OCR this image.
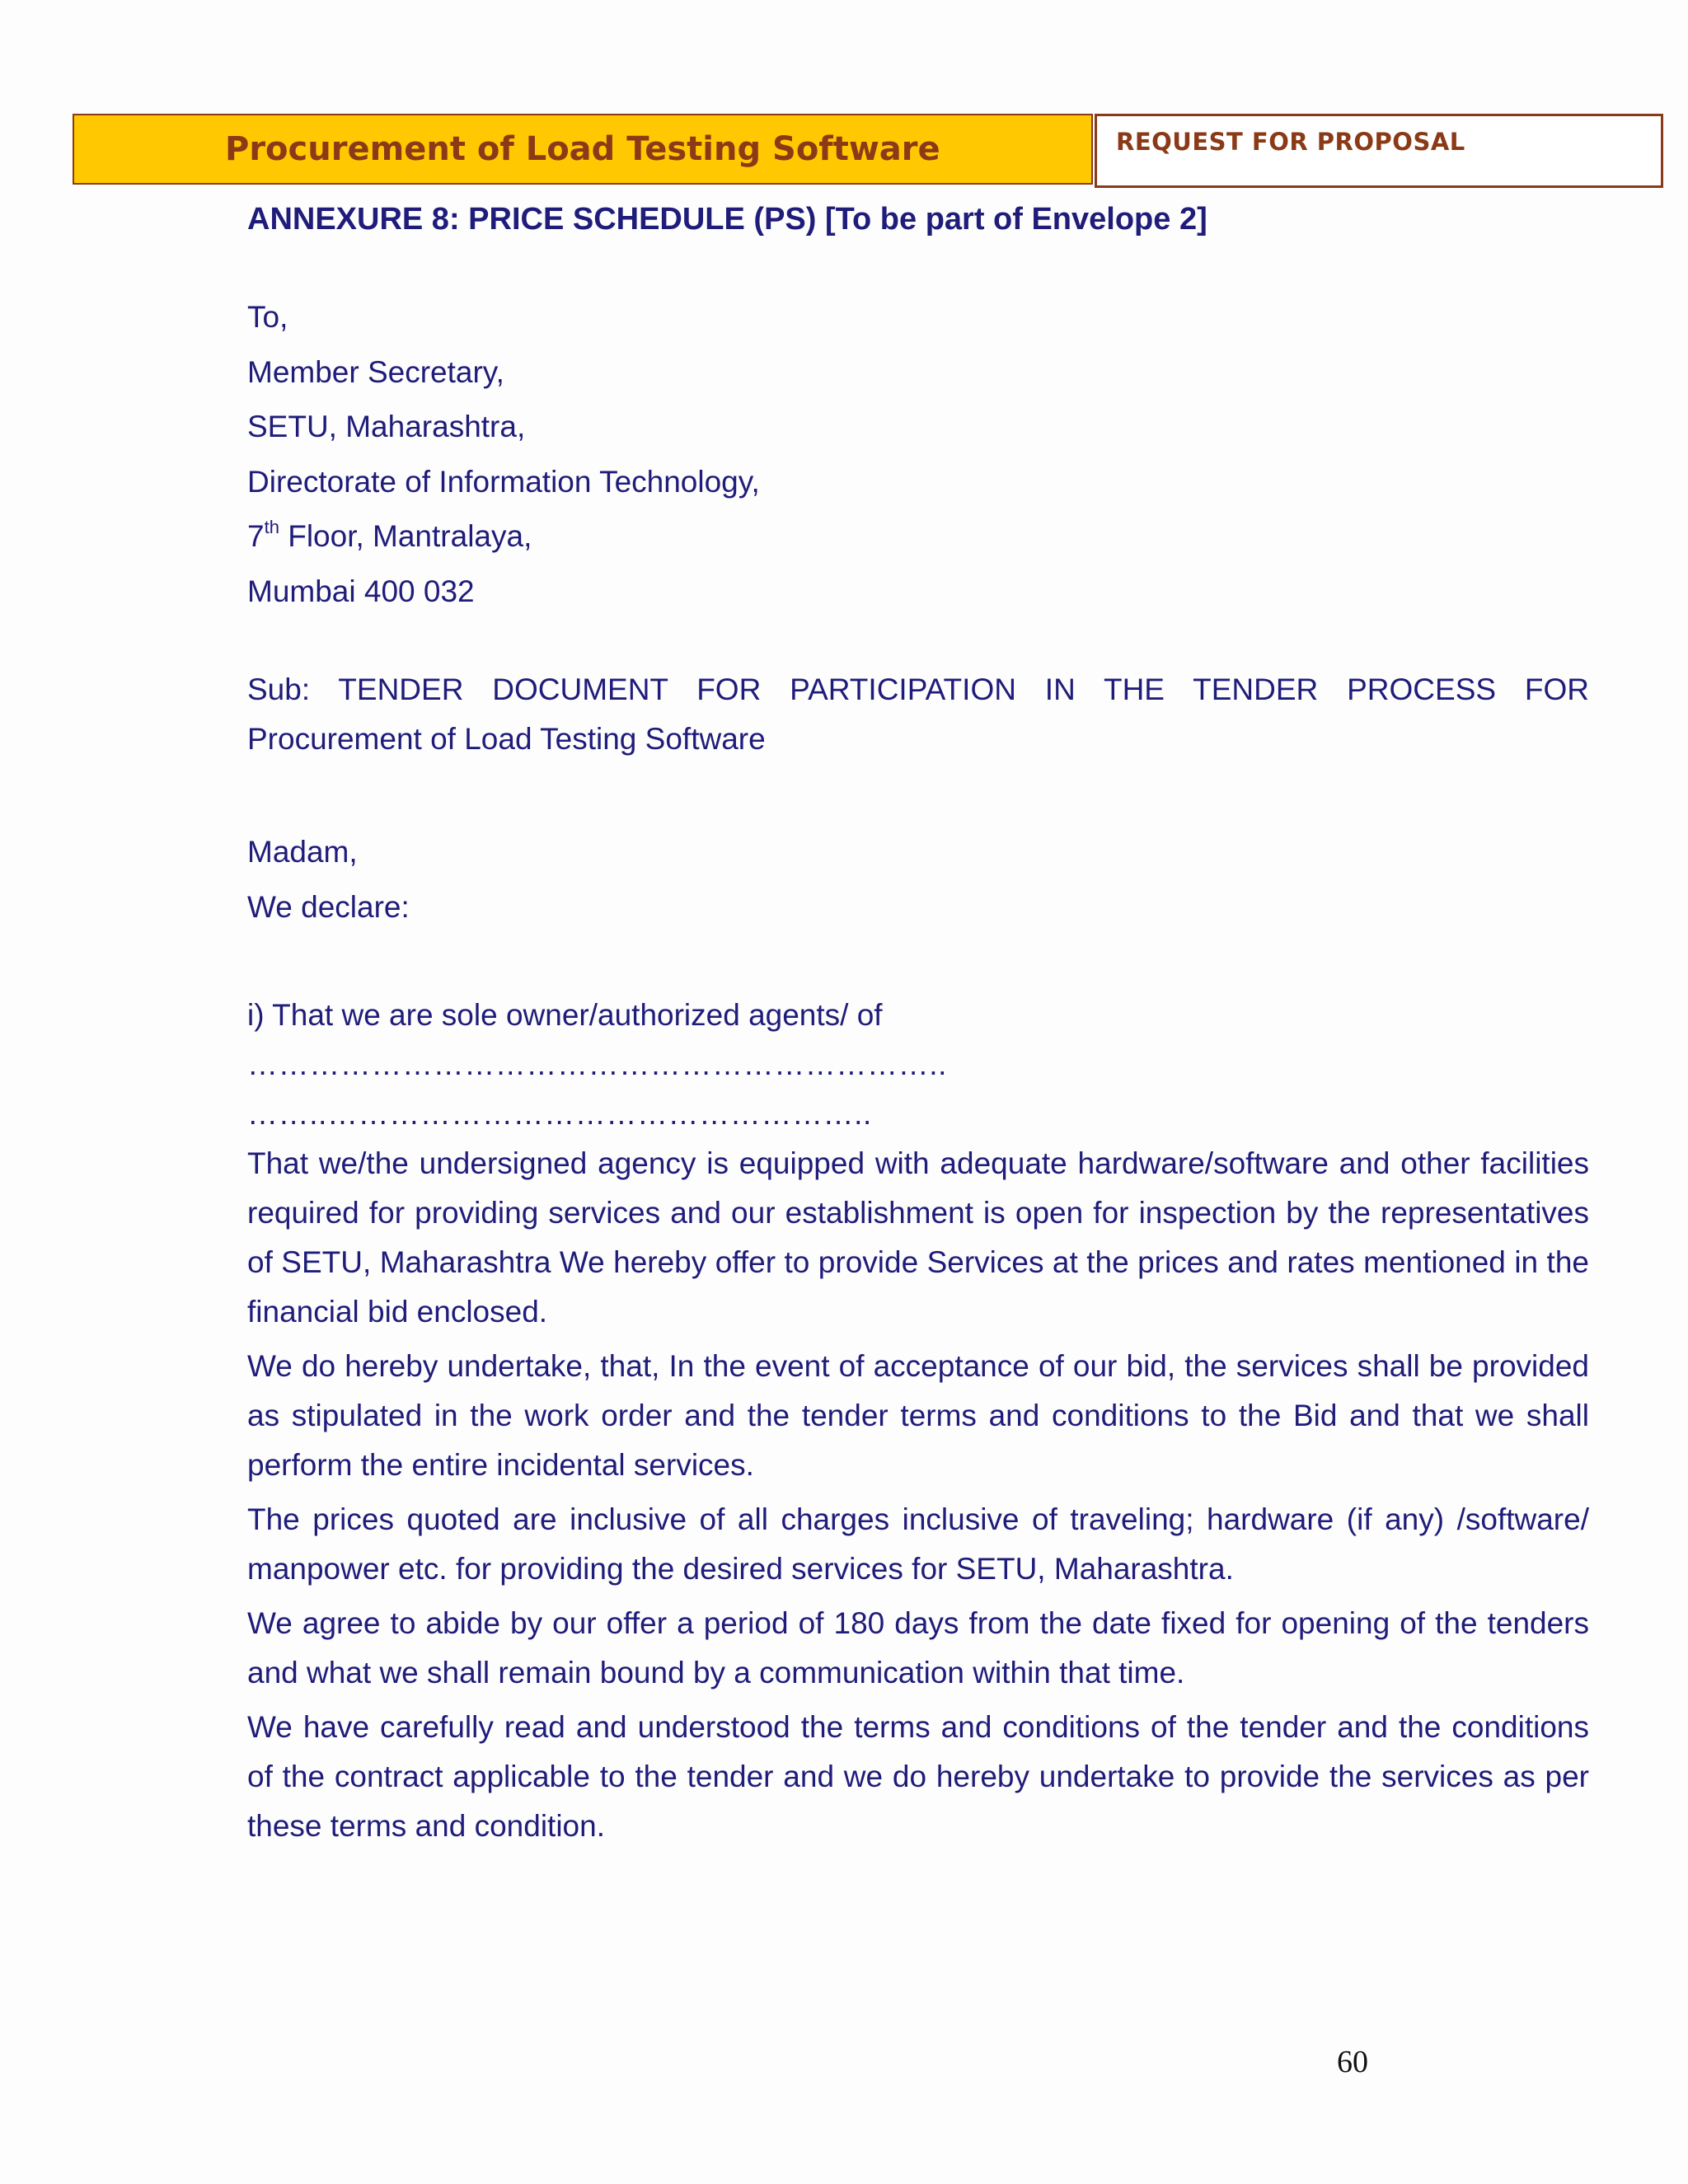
Procurement of Load Testing Software	REQUEST FOR PROPOSAL
ANNEXURE 8: PRICE SCHEDULE (PS) [To be part of Envelope 2]
To,
Member Secretary,
SETU, Maharashtra,
Directorate of Information Technology,
7th Floor, Mantralaya,
Mumbai 400 032
Sub: TENDER DOCUMENT FOR PARTICIPATION IN THE TENDER PROCESS FOR Procurement of Load Testing Software
Madam,
We declare:
i) That we are sole owner/authorized agents/ of
…………………………………………………………..
……..……………………………………………..

That we/the undersigned agency is equipped with adequate hardware/software and other facilities required for providing services and our establishment is open for inspection by the representatives of SETU, Maharashtra We hereby offer to provide Services at the prices and rates mentioned in the financial bid enclosed.

We do hereby undertake, that, In the event of acceptance of our bid, the services shall be provided as stipulated in the work order and the tender terms and conditions to the Bid and that we shall perform the entire incidental services.

The prices quoted are inclusive of all charges inclusive of traveling; hardware (if any) /software/ manpower etc. for providing the desired services for SETU, Maharashtra.

We agree to abide by our offer a period of 180 days from the date fixed for opening of the tenders and what we shall remain bound by a communication within that time.

We have carefully read and understood the terms and conditions of the tender and the conditions of the contract applicable to the tender and we do hereby undertake to provide the services as per these terms and condition.

60
